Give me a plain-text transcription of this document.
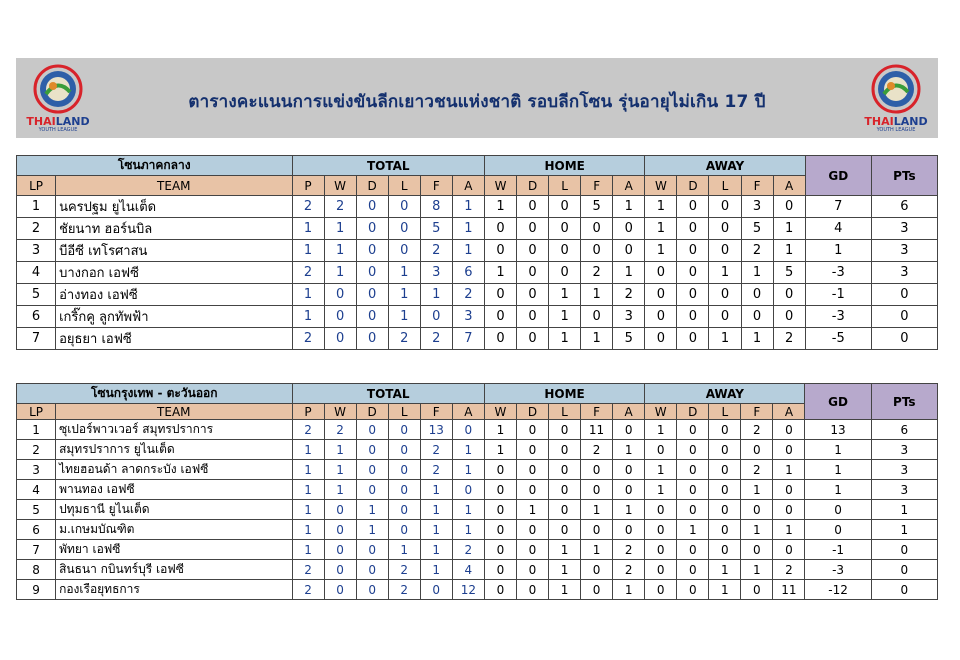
THAILAND
YOUTH LEAGUE
ตารางคะแนนการแข่งขันลีกเยาวชนแห่งชาติ รอบลีกโซน รุ่นอายุไม่เกิน 17 ปี
THAILAND
YOUTH LEAGUE
โซนภาคกลาง		TOTAL						HOME					AWAY					GD	PTs
LP	TEAM	P	W	D	L	F	A	W	D	L	F	A	W	D	L	F	A		
1	นครปฐม ยูไนเต็ด	2	2	0	0	8	1	1	0	0	5	1	1	0	0	3	0	7	6
2	ชัยนาท ฮอร์นบิล	1	1	0	0	5	1	0	0	0	0	0	1	0	0	5	1	4	3
3	บีอีซี เทโรศาสน	1	1	0	0	2	1	0	0	0	0	0	1	0	0	2	1	1	3
4	บางกอก เอฟซี	2	1	0	1	3	6	1	0	0	2	1	0	0	1	1	5	-3	3
5	อ่างทอง เอฟซี	1	0	0	1	1	2	0	0	1	1	2	0	0	0	0	0	-1	0
6	เกริ๊กคู ลูกทัพฟ้า	1	0	0	1	0	3	0	0	1	0	3	0	0	0	0	0	-3	0
7	อยุธยา เอฟซี	2	0	0	2	2	7	0	0	1	1	5	0	0	1	1	2	-5	0
โซนกรุงเทพ - ตะวันออก		TOTAL						HOME					AWAY					GD	PTs
LP	TEAM	P	W	D	L	F	A	W	D	L	F	A	W	D	L	F	A		
1	ซุเปอร์พาวเวอร์ สมุทรปราการ	2	2	0	0	13	0	1	0	0	11	0	1	0	0	2	0	13	6
2	สมุทรปราการ ยูไนเต็ด	1	1	0	0	2	1	1	0	0	2	1	0	0	0	0	0	1	3
3	ไทยฮอนด้า ลาดกระบัง เอฟซี	1	1	0	0	2	1	0	0	0	0	0	1	0	0	2	1	1	3
4	พานทอง เอฟซี	1	1	0	0	1	0	0	0	0	0	0	1	0	0	1	0	1	3
5	ปทุมธานี ยูไนเต็ด	1	0	1	0	1	1	0	1	0	1	1	0	0	0	0	0	0	1
6	ม.เกษมบัณฑิต	1	0	1	0	1	1	0	0	0	0	0	0	1	0	1	1	0	1
7	พัทยา เอฟซี	1	0	0	1	1	2	0	0	1	1	2	0	0	0	0	0	-1	0
8	สินธนา กบินทร์บุรี เอฟซี	2	0	0	2	1	4	0	0	1	0	2	0	0	1	1	2	-3	0
9	กองเรือยุทธการ	2	0	0	2	0	12	0	0	1	0	1	0	0	1	0	11	-12	0
